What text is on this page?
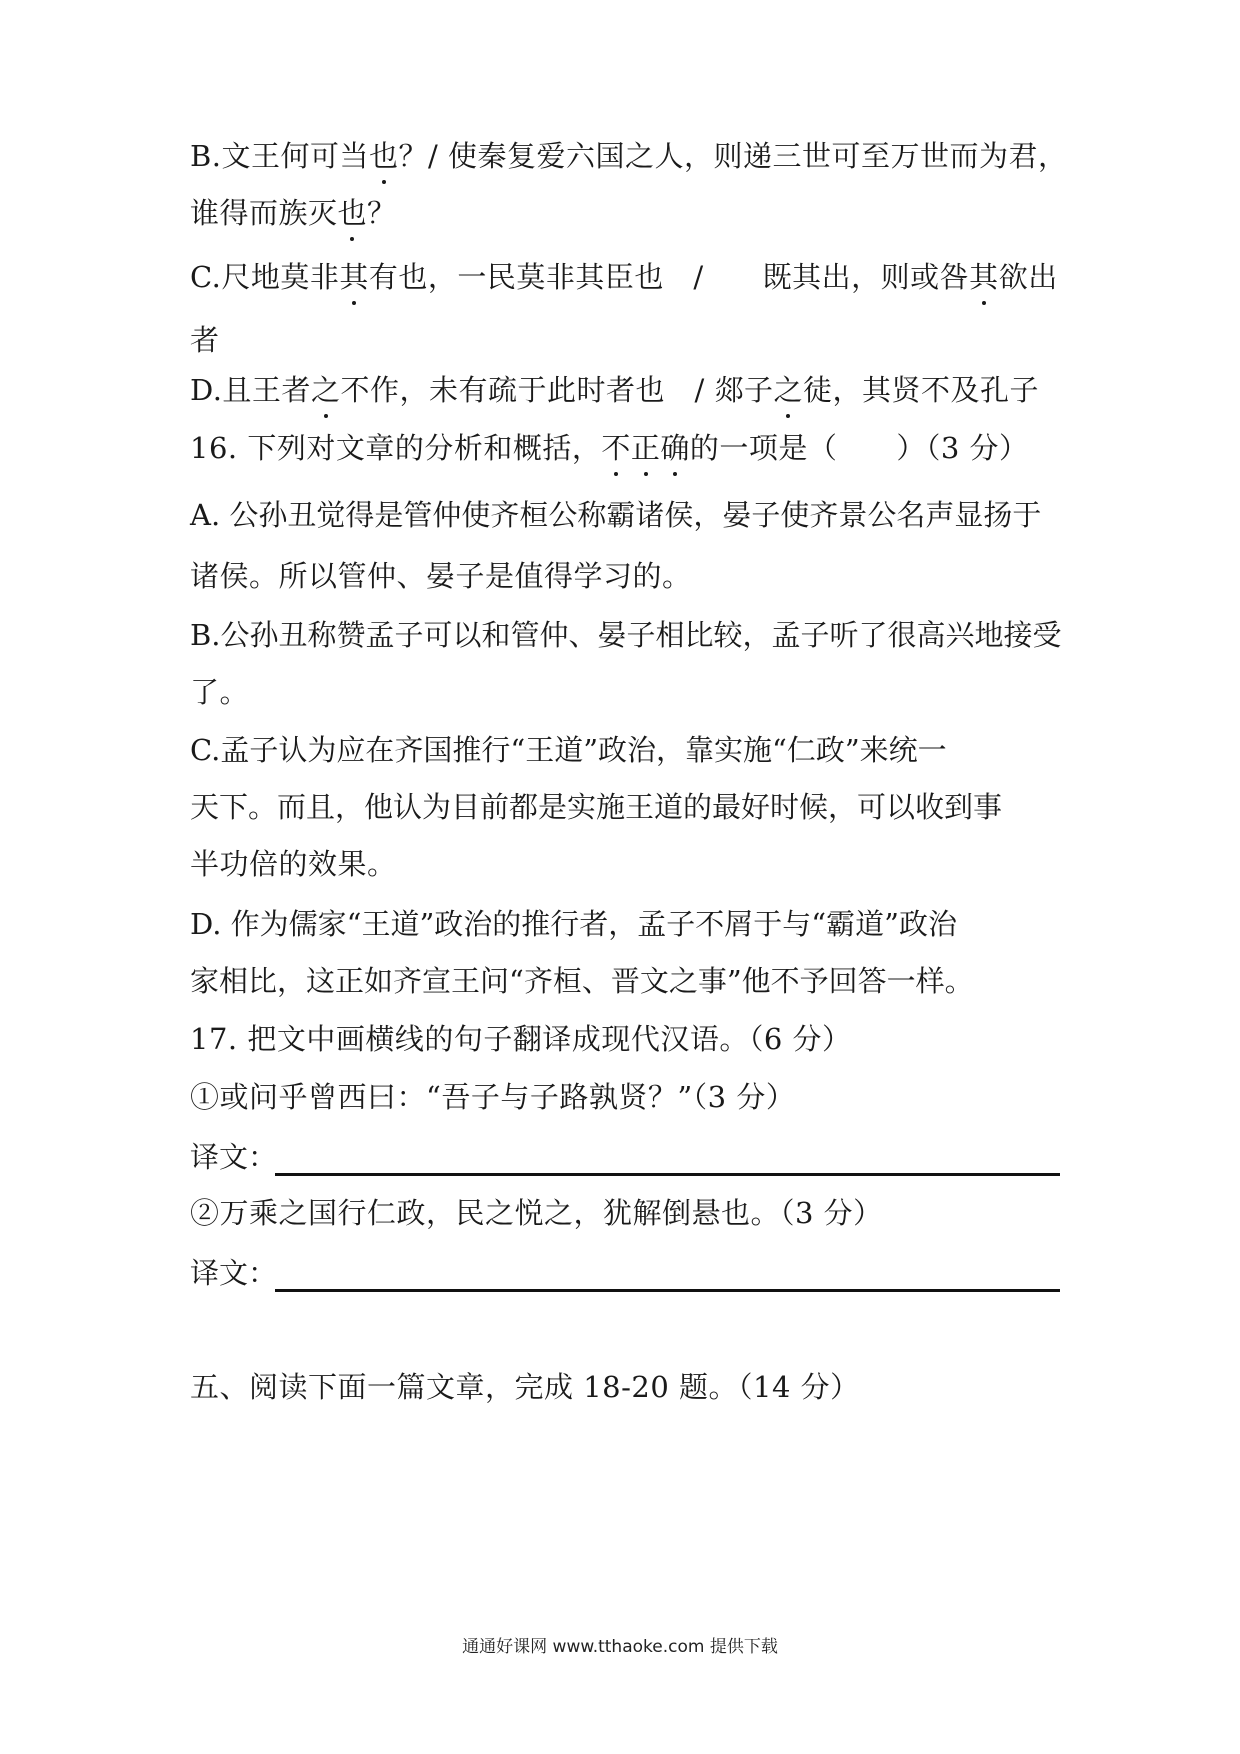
B.文王何可当也？/ 使秦复爱六国之人，则递三世可至万世而为君，
谁得而族灭也？
C.尺地莫非其有也，一民莫非其臣也　/　　既其出，则或咎其欲出
者
D.且王者之不作，未有疏于此时者也　/ 郯子之徒，其贤不及孔子
16. 下列对文章的分析和概括，不正确的一项是（　　）（3 分）
A. 公孙丑觉得是管仲使齐桓公称霸诸侯，晏子使齐景公名声显扬于
诸侯。所以管仲、晏子是值得学习的。
B.公孙丑称赞孟子可以和管仲、晏子相比较，孟子听了很高兴地接受
了。
C.孟子认为应在齐国推行“王道”政治，靠实施“仁政”来统一
天下。而且，他认为目前都是实施王道的最好时候，可以收到事
半功倍的效果。
D. 作为儒家“王道”政治的推行者，孟子不屑于与“霸道”政治
家相比，这正如齐宣王问“齐桓、晋文之事”他不予回答一样。
17. 把文中画横线的句子翻译成现代汉语。（6 分）
①或问乎曾西曰：“吾子与子路孰贤？”（3 分）
译文：
②万乘之国行仁政，民之悦之，犹解倒悬也。（3 分）
译文：
五、阅读下面一篇文章，完成 18-20 题。（14 分）
通通好课网 www.tthaoke.com 提供下载
